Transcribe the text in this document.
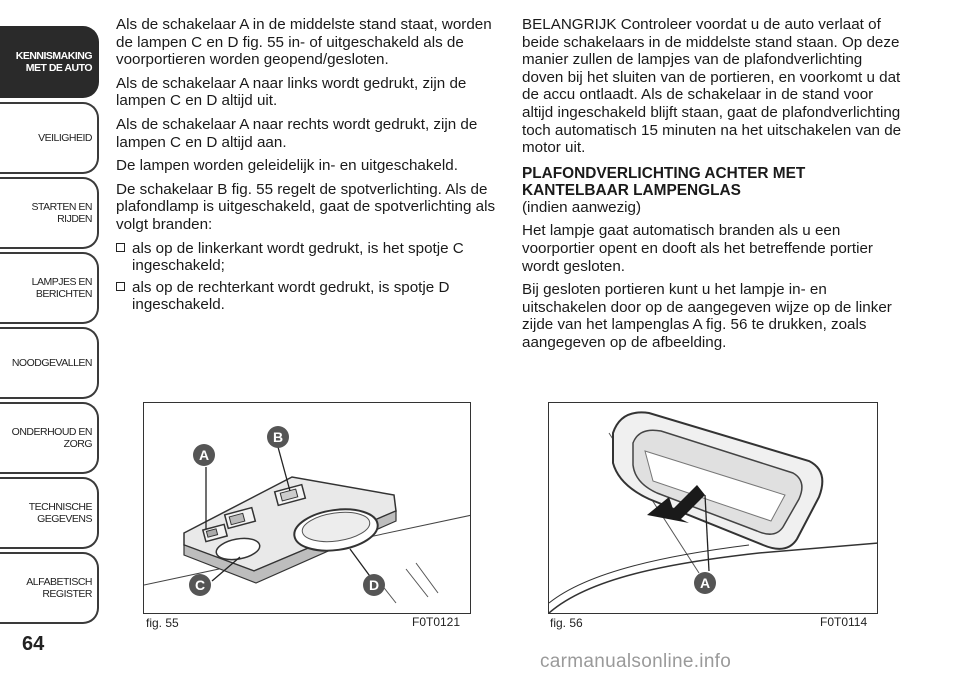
KENNISMAKING
MET DE AUTO
VEILIGHEID
STARTEN EN RIJDEN
LAMPJES EN
BERICHTEN
NOODGEVALLEN
ONDERHOUD EN
ZORG
TECHNISCHE
GEGEVENS
ALFABETISCH
REGISTER
64

Als de schakelaar A in de middelste stand staat, worden de lampen C en D fig. 55 in- of uitgeschakeld als de voorportieren worden geopend/gesloten.

Als de schakelaar A naar links wordt gedrukt, zijn de lampen C en D altijd uit.

Als de schakelaar A naar rechts wordt gedrukt, zijn de lampen C en D altijd aan.

De lampen worden geleidelijk in- en uitgeschakeld.

De schakelaar B fig. 55 regelt de spotverlichting. Als de plafondlamp is uitgeschakeld, gaat de spotverlichting als volgt branden:

als op de linkerkant wordt gedrukt, is het spotje C ingeschakeld;
als op de rechterkant wordt gedrukt, is spotje D ingeschakeld.

BELANGRIJK Controleer voordat u de auto verlaat of beide schakelaars in de middelste stand staan. Op deze manier zullen de lampjes van de plafondverlichting doven bij het sluiten van de portieren, en voorkomt u dat de accu ontlaadt. Als de schakelaar in de stand voor altijd ingeschakeld blijft staan, gaat de plafondverlichting toch automatisch 15 minuten na het uitschakelen van de motor uit.

PLAFONDVERLICHTING ACHTER MET KANTELBAAR LAMPENGLAS

(indien aanwezig)

Het lampje gaat automatisch branden als u een voorportier opent en dooft als het betreffende portier wordt gesloten.

Bij gesloten portieren kunt u het lampje in- en uitschakelen door op de aangegeven wijze op de linker zijde van het lampenglas A fig. 56 te drukken, zoals aangegeven op de afbeelding.

A
B
C	D
fig. 55	F0T0121
A
fig. 56	F0T0114
carmanualsonline.info
